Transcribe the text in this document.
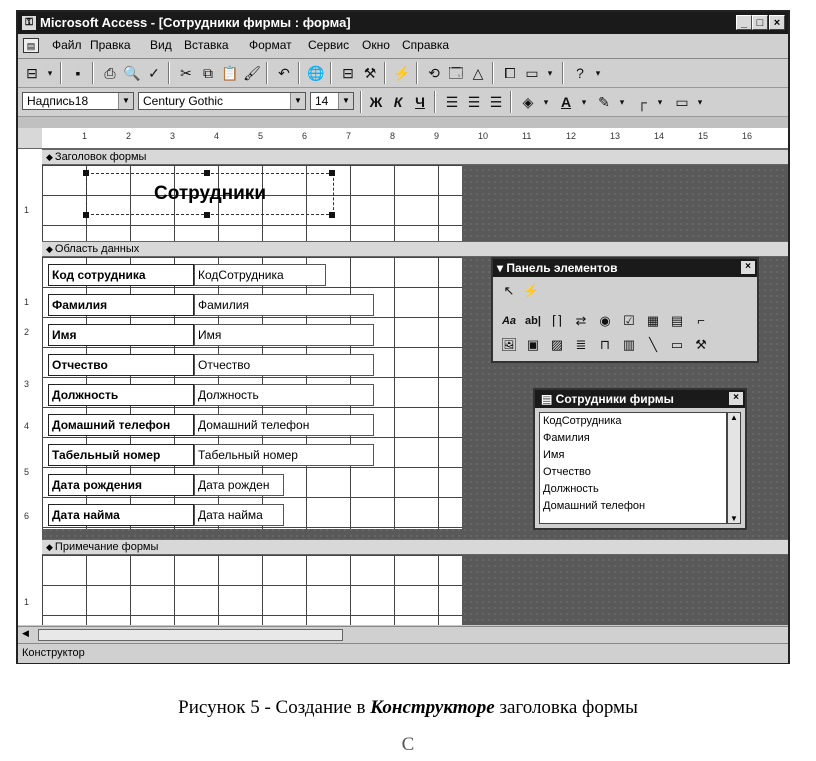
⚿ Microsoft Access - [Сотрудники фирмы : форма]	_ □ ×
▤	Файл Правка Вид Вставка Формат Сервис Окно Справка
⊟	▾	▪	⎙ 🔍 ✓ ✂ ⧉ 📋 🖌 ↶ 🌐 ⊟ ⚒ ⚡ ⟲ 🗔 △	⧠ ▭	▾	?	▾
Надпись18	▼	Century Gothic	▼	14	▼ Ж К Ч	☰ ☰ ☰	◈	▾ A	▾ ✎	▾ ┌	▾ ▭	▾
1	2	3	4	5	6	7	8	9	10	11	12	13	14	15	16
1
1
2
3
4
5
6
1
◆ Заголовок формы
Сотрудники
◆ Область данных
Код сотрудника	КодСотрудника
Фамилия	Фамилия
Имя	Имя
Отчество	Отчество
Должность	Должность
Домашний телефон	Домашний телефон
Табельный номер	Табельный номер
Дата рождения	Дата рожден
Дата найма	Дата найма
◆ Примечание формы
▾ Панель элементов	×
↖ ⚡
Aa ab| ⌈⌉	⇄ ◉ ☑ ▦ ▤	⌐
🖼 ▣ ▨ ≣	⊓ ▥	╲	▭ ⚒
▤ Сотрудники фирмы	×
КодСотрудника
Фамилия
Имя
Отчество
Должность
Домашний телефон
▲
▼
◀
Конструктор
Рисунок 5 - Создание в Конструкторе заголовка формы
С
